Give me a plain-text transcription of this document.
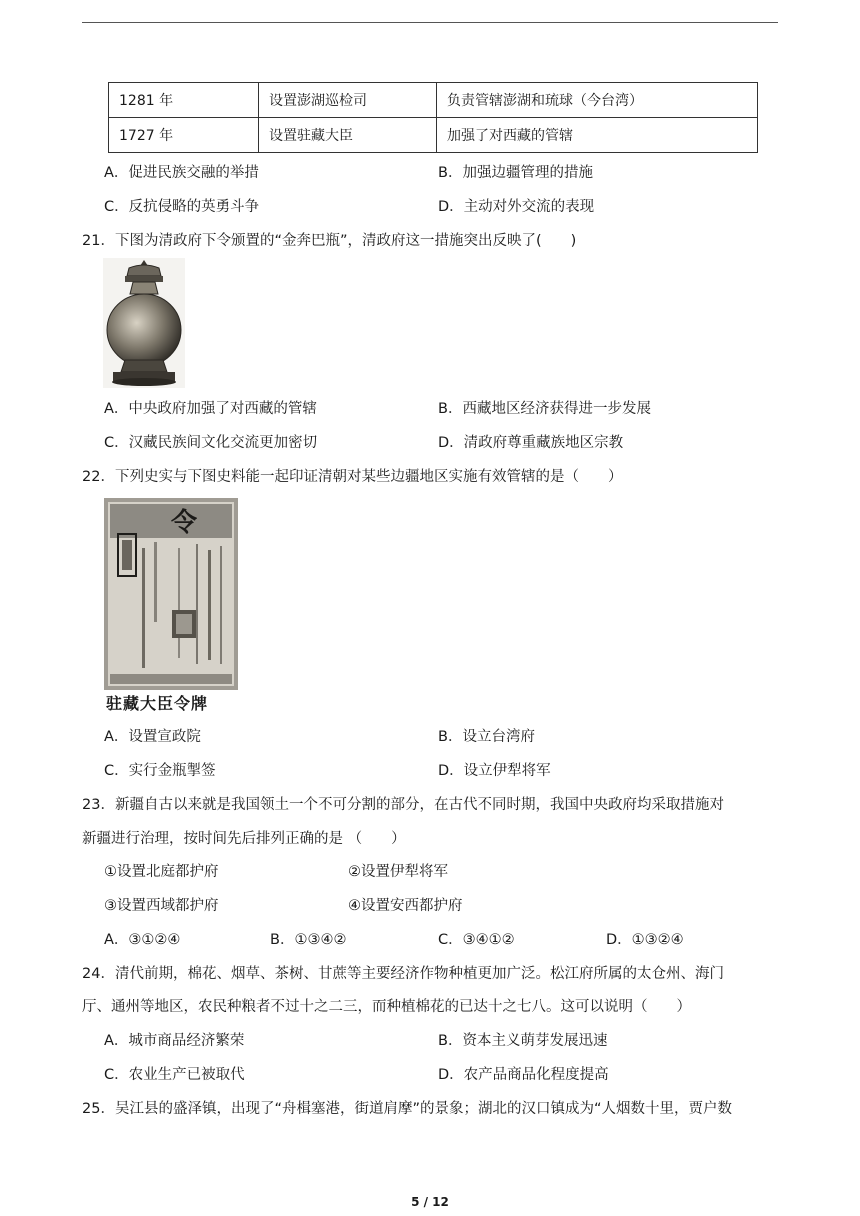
1281 年	设置澎湖巡检司	负责管辖澎湖和琉球（今台湾）
1727 年	设置驻藏大臣	加强了对西藏的管辖
A．促进民族交融的举措	B．加强边疆管理的措施
C．反抗侵略的英勇斗争	D．主动对外交流的表现
21．下图为清政府下令颁置的“金奔巴瓶”，清政府这一措施突出反映了(　　)
A．中央政府加强了对西藏的管辖	B．西藏地区经济获得进一步发展
C．汉藏民族间文化交流更加密切	D．清政府尊重藏族地区宗教
22．下列史实与下图史料能一起印证清朝对某些边疆地区实施有效管辖的是（　　）
令
驻藏大臣令牌
A．设置宣政院	B．设立台湾府
C．实行金瓶掣签	D．设立伊犁将军
23．新疆自古以来就是我国领土一个不可分割的部分，在古代不同时期，我国中央政府均采取措施对
新疆进行治理，按时间先后排列正确的是 （　　）
①设置北庭都护府	②设置伊犁将军
③设置西域都护府	④设置安西都护府
A．③①②④	B．①③④②	C．③④①②	D．①③②④
24．清代前期，棉花、烟草、茶树、甘蔗等主要经济作物种植更加广泛。松江府所属的太仓州、海门
厅、通州等地区，农民种粮者不过十之二三，而种植棉花的已达十之七八。这可以说明（　　）
A．城市商品经济繁荣	B．资本主义萌芽发展迅速
C．农业生产已被取代	D．农产品商品化程度提高
25．吴江县的盛泽镇，出现了“舟楫塞港，街道肩摩”的景象；湖北的汉口镇成为“人烟数十里，贾户数
5 / 12
